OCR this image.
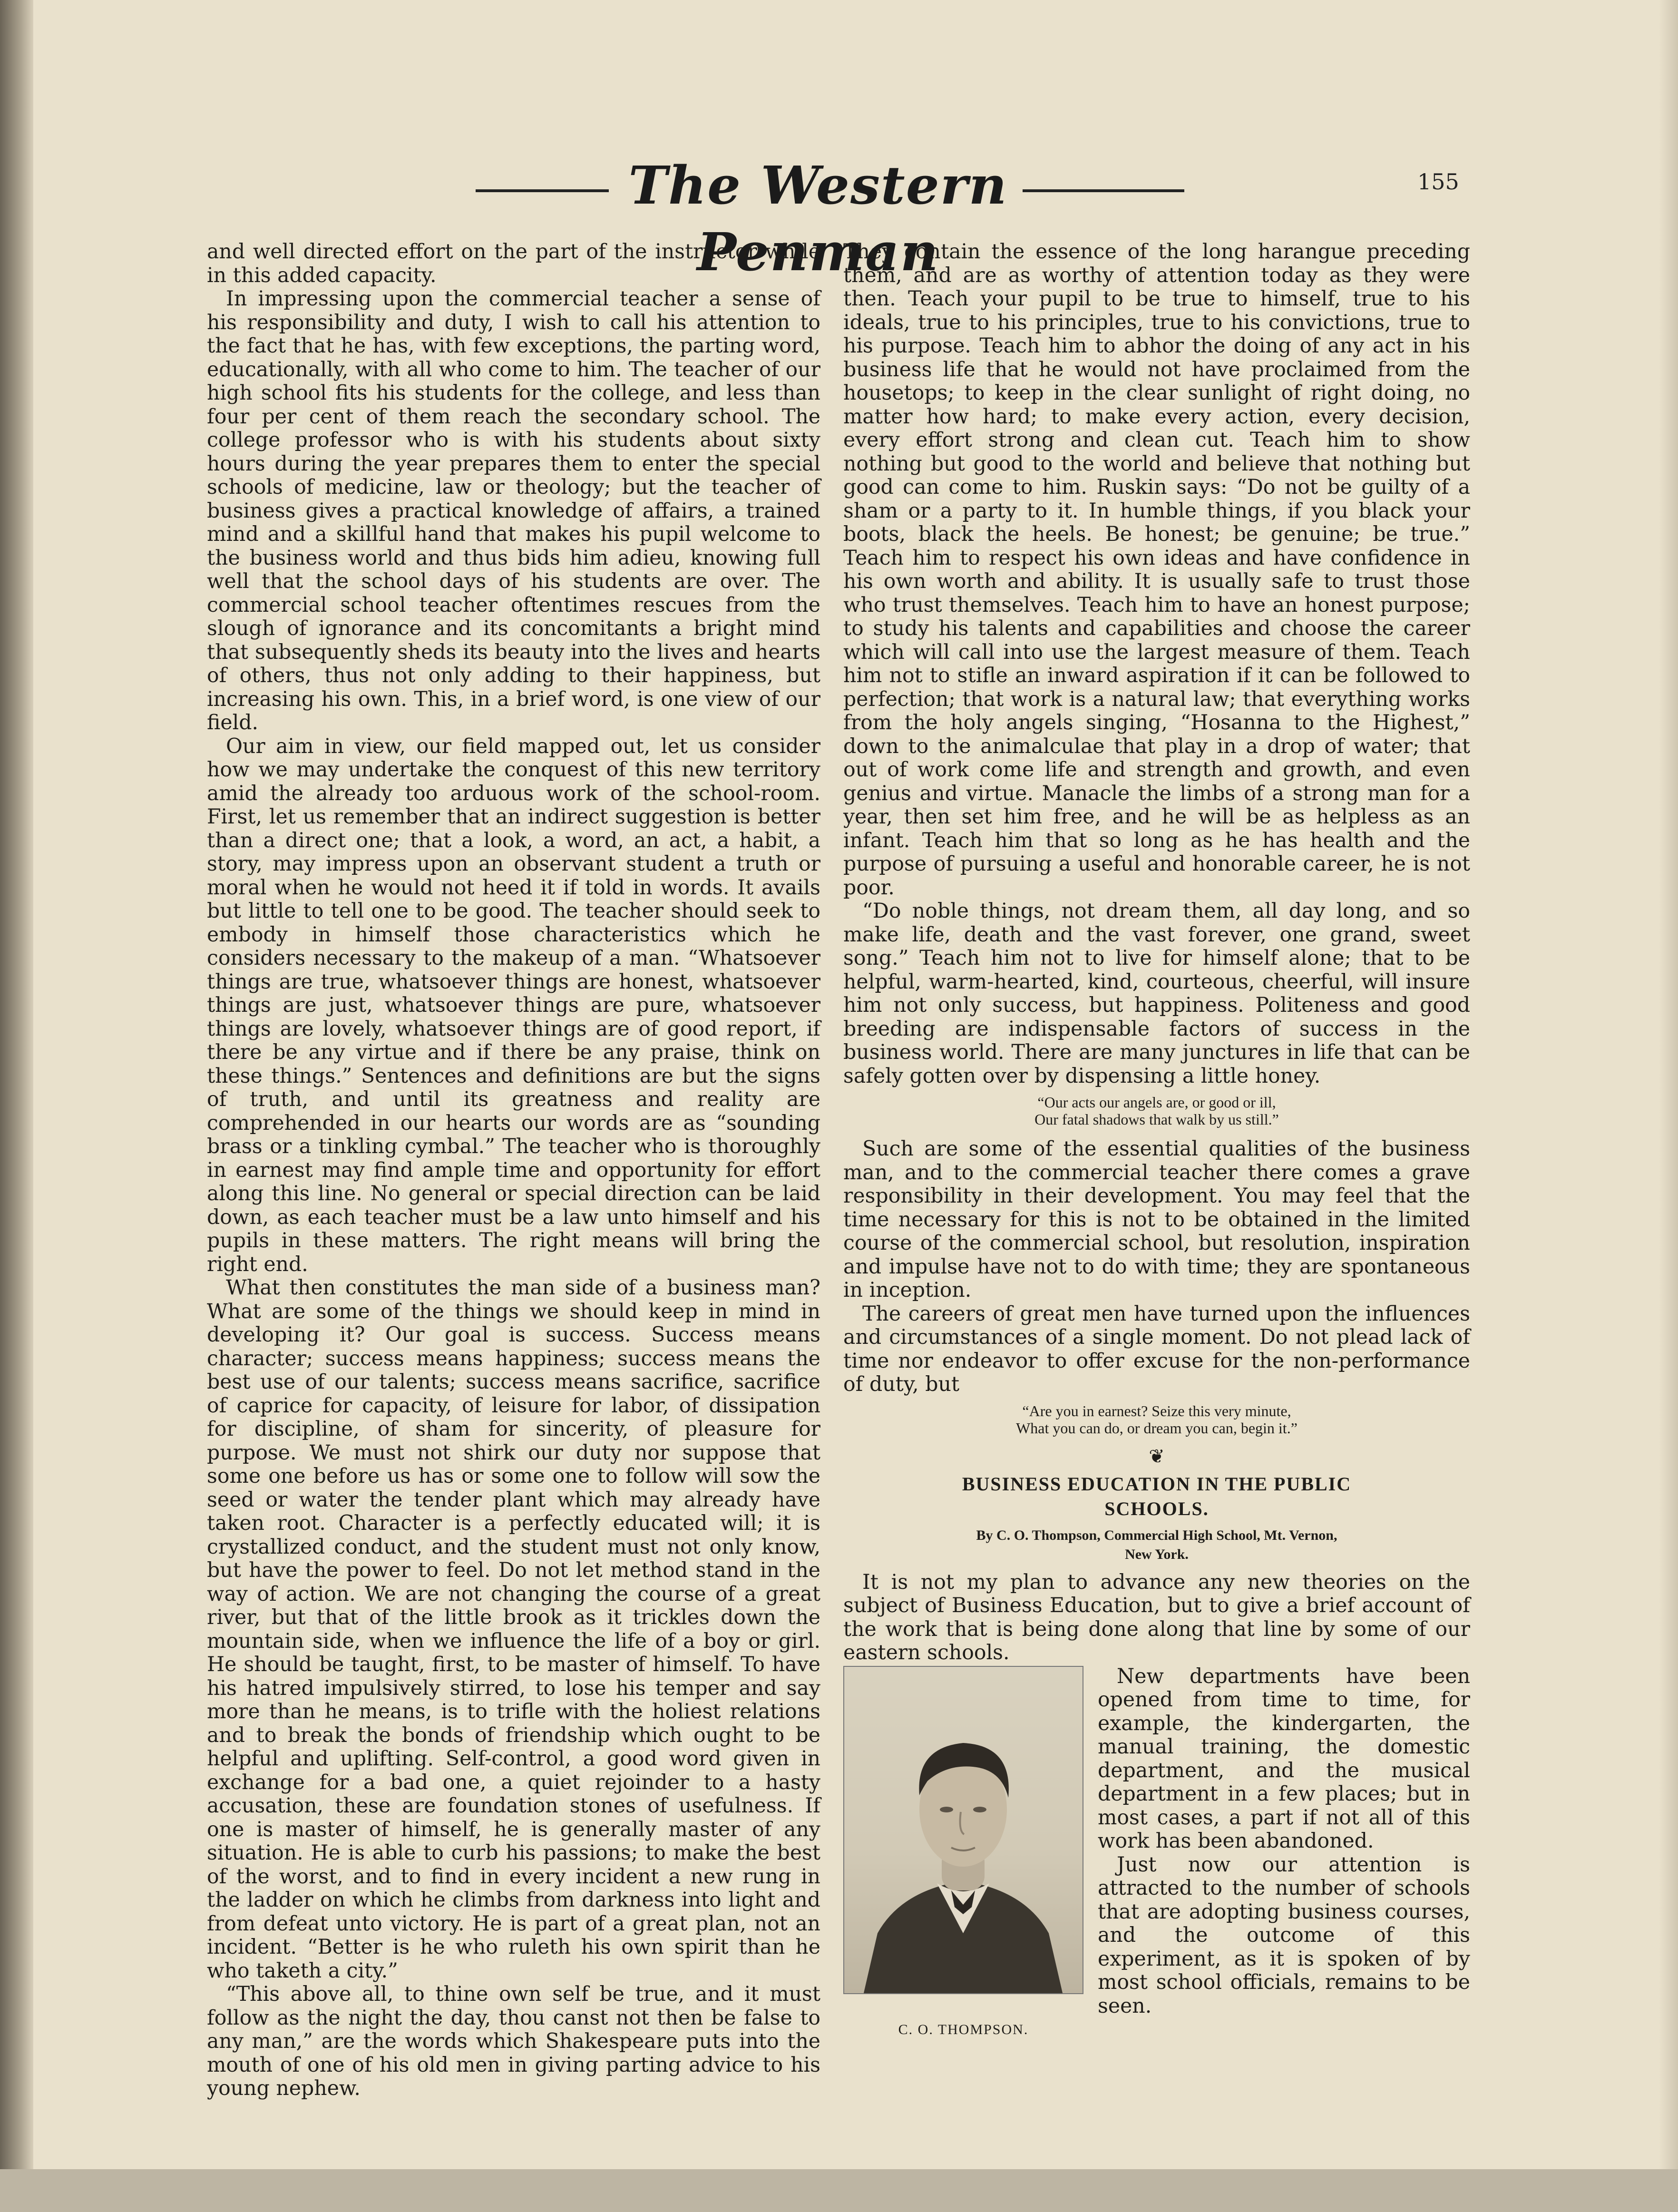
The Western Penman
155

and well directed effort on the part of the instructor while in this added capacity.

In impressing upon the commercial teacher a sense of his responsibility and duty, I wish to call his attention to the fact that he has, with few exceptions, the parting word, educationally, with all who come to him. The teacher of our high school fits his students for the college, and less than four per cent of them reach the secondary school. The college professor who is with his students about sixty hours during the year prepares them to enter the special schools of medicine, law or theology; but the teacher of business gives a practical knowledge of affairs, a trained mind and a skillful hand that makes his pupil welcome to the business world and thus bids him adieu, knowing full well that the school days of his students are over. The commercial school teacher oftentimes rescues from the slough of ignorance and its concomitants a bright mind that subsequently sheds its beauty into the lives and hearts of others, thus not only adding to their happiness, but increasing his own. This, in a brief word, is one view of our field.

Our aim in view, our field mapped out, let us consider how we may undertake the conquest of this new territory amid the already too arduous work of the school-room. First, let us remember that an indirect suggestion is better than a direct one; that a look, a word, an act, a habit, a story, may impress upon an observant student a truth or moral when he would not heed it if told in words. It avails but little to tell one to be good. The teacher should seek to embody in himself those characteristics which he considers necessary to the makeup of a man. “Whatsoever things are true, whatsoever things are honest, whatsoever things are just, whatsoever things are pure, whatsoever things are lovely, whatsoever things are of good report, if there be any virtue and if there be any praise, think on these things.” Sentences and definitions are but the signs of truth, and until its greatness and reality are comprehended in our hearts our words are as “sounding brass or a tinkling cymbal.” The teacher who is thoroughly in earnest may find ample time and opportunity for effort along this line. No general or special direction can be laid down, as each teacher must be a law unto himself and his pupils in these matters. The right means will bring the right end.

What then constitutes the man side of a business man? What are some of the things we should keep in mind in developing it? Our goal is success. Success means character; success means happiness; success means the best use of our talents; success means sacrifice, sacrifice of caprice for capacity, of leisure for labor, of dissipation for discipline, of sham for sincerity, of pleasure for purpose. We must not shirk our duty nor suppose that some one before us has or some one to follow will sow the seed or water the tender plant which may already have taken root. Character is a perfectly educated will; it is crystallized conduct, and the student must not only know, but have the power to feel. Do not let method stand in the way of action. We are not changing the course of a great river, but that of the little brook as it trickles down the mountain side, when we influence the life of a boy or girl. He should be taught, first, to be master of himself. To have his hatred impulsively stirred, to lose his temper and say more than he means, is to trifle with the holiest relations and to break the bonds of friendship which ought to be helpful and uplifting. Self-control, a good word given in exchange for a bad one, a quiet rejoinder to a hasty accusation, these are foundation stones of usefulness. If one is master of himself, he is generally master of any situation. He is able to curb his passions; to make the best of the worst, and to find in every incident a new rung in the ladder on which he climbs from darkness into light and from defeat unto victory. He is part of a great plan, not an incident. “Better is he who ruleth his own spirit than he who taketh a city.”

“This above all, to thine own self be true, and it must follow as the night the day, thou canst not then be false to any man,” are the words which Shakespeare puts into the mouth of one of his old men in giving parting advice to his young nephew.

They contain the essence of the long harangue preceding them, and are as worthy of attention today as they were then. Teach your pupil to be true to himself, true to his ideals, true to his principles, true to his convictions, true to his purpose. Teach him to abhor the doing of any act in his business life that he would not have proclaimed from the housetops; to keep in the clear sunlight of right doing, no matter how hard; to make every action, every decision, every effort strong and clean cut. Teach him to show nothing but good to the world and believe that nothing but good can come to him. Ruskin says: “Do not be guilty of a sham or a party to it. In humble things, if you black your boots, black the heels. Be honest; be genuine; be true.” Teach him to respect his own ideas and have confidence in his own worth and ability. It is usually safe to trust those who trust themselves. Teach him to have an honest purpose; to study his talents and capabilities and choose the career which will call into use the largest measure of them. Teach him not to stifle an inward aspiration if it can be followed to perfection; that work is a natural law; that everything works from the holy angels singing, “Hosanna to the Highest,” down to the animalculae that play in a drop of water; that out of work come life and strength and growth, and even genius and virtue. Manacle the limbs of a strong man for a year, then set him free, and he will be as helpless as an infant. Teach him that so long as he has health and the purpose of pursuing a useful and honorable career, he is not poor.

“Do noble things, not dream them, all day long, and so make life, death and the vast forever, one grand, sweet song.” Teach him not to live for himself alone; that to be helpful, warm-hearted, kind, courteous, cheerful, will insure him not only success, but happiness. Politeness and good breeding are indispensable factors of success in the business world. There are many junctures in life that can be safely gotten over by dispensing a little honey.

“Our acts our angels are, or good or ill,
Our fatal shadows that walk by us still.”

Such are some of the essential qualities of the business man, and to the commercial teacher there comes a grave responsibility in their development. You may feel that the time necessary for this is not to be obtained in the limited course of the commercial school, but resolution, inspiration and impulse have not to do with time; they are spontaneous in inception.

The careers of great men have turned upon the influences and circumstances of a single moment. Do not plead lack of time nor endeavor to offer excuse for the non-performance of duty, but

“Are you in earnest? Seize this very minute,
What you can do, or dream you can, begin it.”
❦
BUSINESS EDUCATION IN THE PUBLIC
SCHOOLS.
By C. O. Thompson, Commercial High School, Mt. Vernon,
New York.

It is not my plan to advance any new theories on the subject of Business Education, but to give a brief account of the work that is being done along that line by some of our eastern schools.

C. O. THOMPSON.

New departments have been opened from time to time, for example, the kindergarten, the manual training, the domestic department, and the musical department in a few places; but in most cases, a part if not all of this work has been abandoned.

Just now our attention is attracted to the number of schools that are adopting business courses, and the outcome of this experiment, as it is spoken of by most school officials, remains to be seen.
